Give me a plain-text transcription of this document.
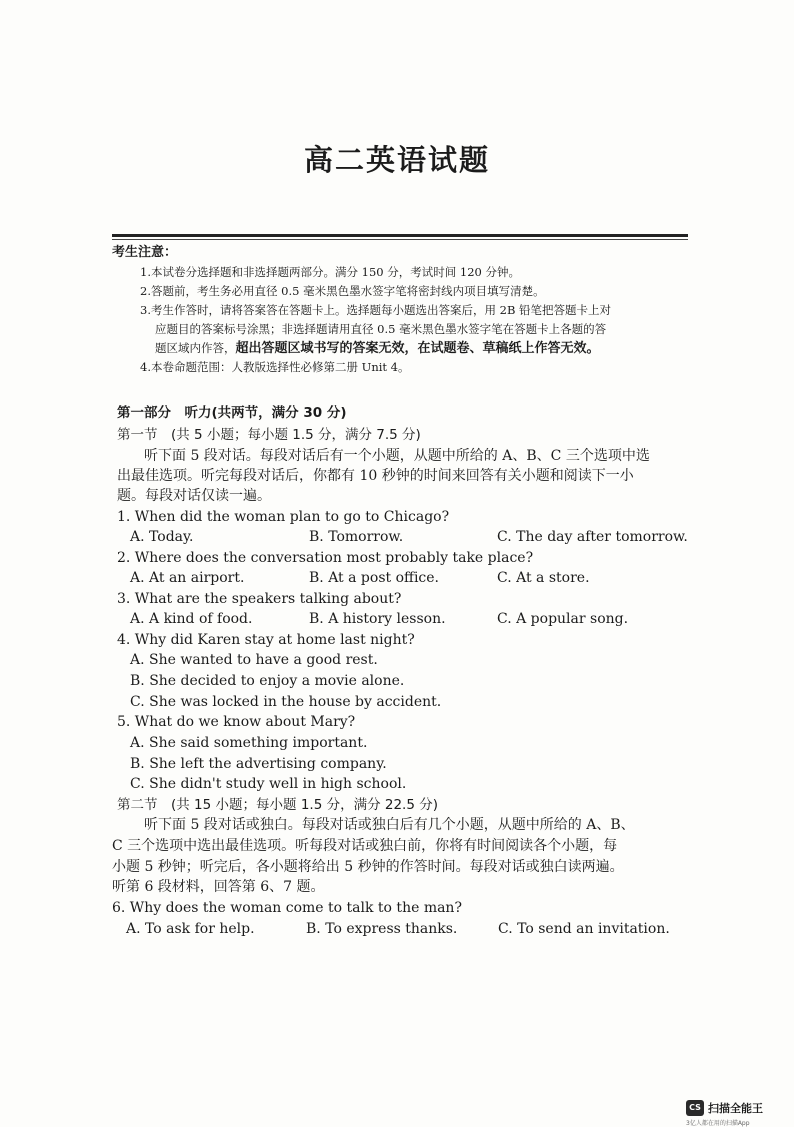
高二英语试题
考生注意：
1.本试卷分选择题和非选择题两部分。满分 150 分，考试时间 120 分钟。
2.答题前，考生务必用直径 0.5 毫米黑色墨水签字笔将密封线内项目填写清楚。
3.考生作答时，请将答案答在答题卡上。选择题每小题选出答案后，用 2B 铅笔把答题卡上对
应题目的答案标号涂黑；非选择题请用直径 0.5 毫米黑色墨水签字笔在答题卡上各题的答
题区域内作答，超出答题区域书写的答案无效，在试题卷、草稿纸上作答无效。
4.本卷命题范围：人教版选择性必修第二册 Unit 4。
第一部分　听力(共两节，满分 30 分)
第一节　(共 5 小题；每小题 1.5 分，满分 7.5 分)
听下面 5 段对话。每段对话后有一个小题，从题中所给的 A、B、C 三个选项中选
出最佳选项。听完每段对话后，你都有 10 秒钟的时间来回答有关小题和阅读下一小
题。每段对话仅读一遍。
1. When did the woman plan to go to Chicago?
A. Today.	B. Tomorrow.	C. The day after tomorrow.
2. Where does the conversation most probably take place?
A. At an airport.	B. At a post office.	C. At a store.
3. What are the speakers talking about?
A. A kind of food.	B. A history lesson.	C. A popular song.
4. Why did Karen stay at home last night?
A. She wanted to have a good rest.
B. She decided to enjoy a movie alone.
C. She was locked in the house by accident.
5. What do we know about Mary?
A. She said something important.
B. She left the advertising company.
C. She didn't study well in high school.
第二节　(共 15 小题；每小题 1.5 分，满分 22.5 分)
听下面 5 段对话或独白。每段对话或独白后有几个小题，从题中所给的 A、B、
C 三个选项中选出最佳选项。听每段对话或独白前，你将有时间阅读各个小题，每
小题 5 秒钟；听完后，各小题将给出 5 秒钟的作答时间。每段对话或独白读两遍。
听第 6 段材料，回答第 6、7 题。
6. Why does the woman come to talk to the man?
A. To ask for help.	B. To express thanks.	C. To send an invitation.
CS 扫描全能王
3亿人都在用的扫描App
